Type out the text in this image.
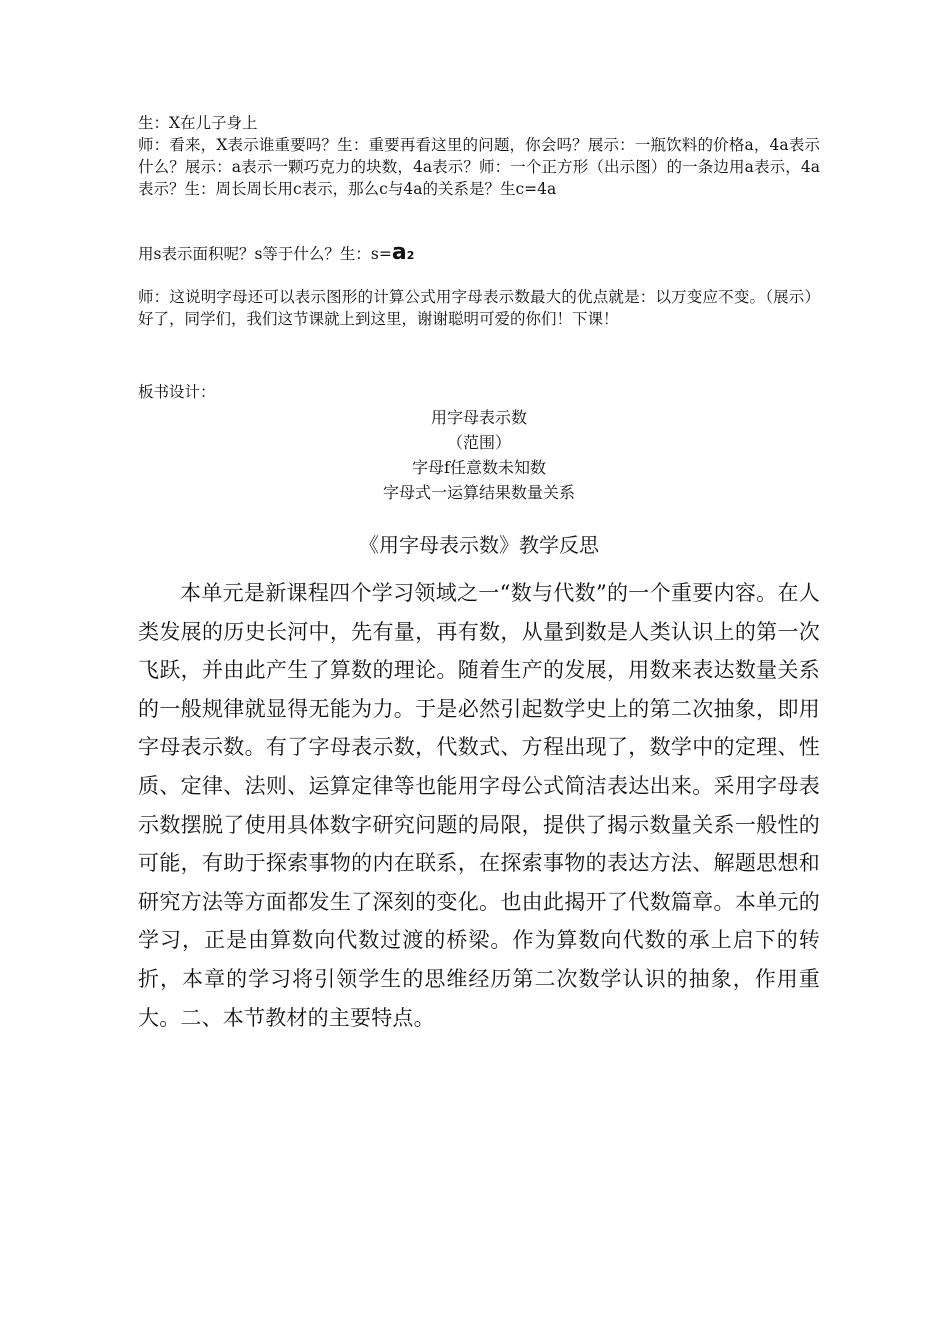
生：X在儿子身上

师：看来，X表示谁重要吗？生：重要再看这里的问题，你会吗？展示：一瓶饮料的价格a，4a表示什么？展示：a表示一颗巧克力的块数，4a表示？师：一个正方形（出示图）的一条边用a表示，4a表示？生：周长周长用c表示，那么c与4a的关系是？生c=4a

用s表示面积呢？s等于什么？生：s=a2

师：这说明字母还可以表示图形的计算公式用字母表示数最大的优点就是：以万变应不变。（展示）好了，同学们，我们这节课就上到这里，谢谢聪明可爱的你们！下课！

板书设计：

用字母表示数
（范围）
字母f任意数未知数
字母式一运算结果数量关系
《用字母表示数》教学反思

本单元是新课程四个学习领域之一“数与代数”的一个重要内容。在人类发展的历史长河中，先有量，再有数，从量到数是人类认识上的第一次飞跃，并由此产生了算数的理论。随着生产的发展，用数来表达数量关系的一般规律就显得无能为力。于是必然引起数学史上的第二次抽象，即用字母表示数。有了字母表示数，代数式、方程出现了，数学中的定理、性质、定律、法则、运算定律等也能用字母公式简洁表达出来。采用字母表示数摆脱了使用具体数字研究问题的局限，提供了揭示数量关系一般性的可能，有助于探索事物的内在联系，在探索事物的表达方法、解题思想和研究方法等方面都发生了深刻的变化。也由此揭开了代数篇章。本单元的学习，正是由算数向代数过渡的桥梁。作为算数向代数的承上启下的转折，本章的学习将引领学生的思维经历第二次数学认识的抽象，作用重大。二、本节教材的主要特点。
